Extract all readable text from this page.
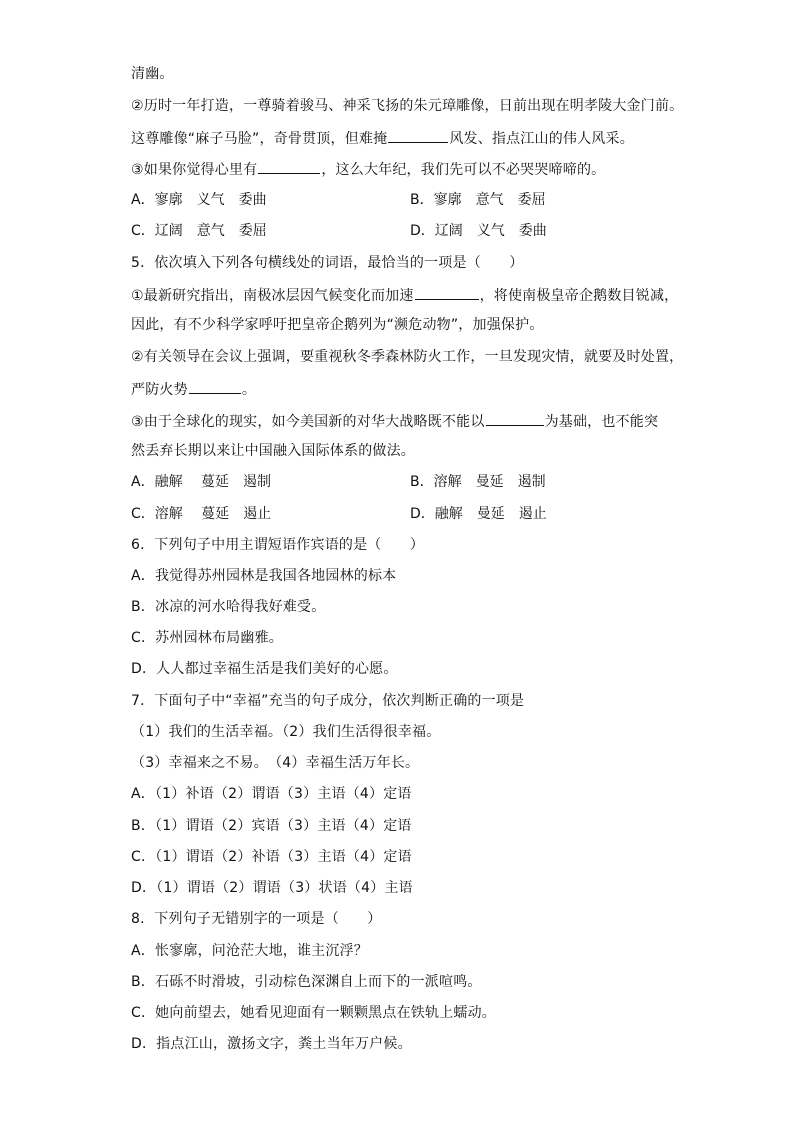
清幽。
②历时一年打造，一尊骑着骏马、神采飞扬的朱元璋雕像，日前出现在明孝陵大金门前。
这尊雕像“麻子马脸”，奇骨贯顶，但难掩	风发、指点江山的伟人风采。
③如果你觉得心里有	，这么大年纪，我们先可以不必哭哭啼啼的。
A．寥廓　义气　委曲	B．寥廓　意气　委屈
C．辽阔　意气　委屈	D．辽阔　义气　委曲
5．依次填入下列各句横线处的词语，最恰当的一项是（　　）
①最新研究指出，南极冰层因气候变化而加速	，将使南极皇帝企鹅数目锐减，
因此，有不少科学家呼吁把皇帝企鹅列为“濒危动物”，加强保护。
②有关领导在会议上强调，要重视秋冬季森林防火工作，一旦发现灾情，就要及时处置，
严防火势	。
③由于全球化的现实，如今美国新的对华大战略既不能以	为基础，也不能突
然丢弃长期以来让中国融入国际体系的做法。
A．融解　 蔓延　遏制	B．溶解　曼延　遏制
C．溶解　 蔓延　遏止	D．融解　曼延　遏止
6．下列句子中用主谓短语作宾语的是（　　）
A．我觉得苏州园林是我国各地园林的标本
B．冰凉的河水哈得我好难受。
C．苏州园林布局幽雅。
D．人人都过幸福生活是我们美好的心愿。
7．下面句子中“幸福”充当的句子成分，依次判断正确的一项是
（1）我们的生活幸福。（2）我们生活得很幸福。
（3）幸福来之不易。　（4）幸福生活万年长。
A．（1）补语（2）谓语（3）主语（4）定语
B．（1）谓语（2）宾语（3）主语（4）定语
C．（1）谓语（2）补语（3）主语（4）定语
D．（1）谓语（2）谓语（3）状语（4）主语
8．下列句子无错别字的一项是（　　）
A．怅寥廓，问沧茫大地，谁主沉浮？
B．石砾不时滑坡，引动棕色深渊自上而下的一派喧鸣。
C．她向前望去，她看见迎面有一颗颗黑点在铁轨上蠕动。
D．指点江山，激扬文字，粪土当年万户候。
